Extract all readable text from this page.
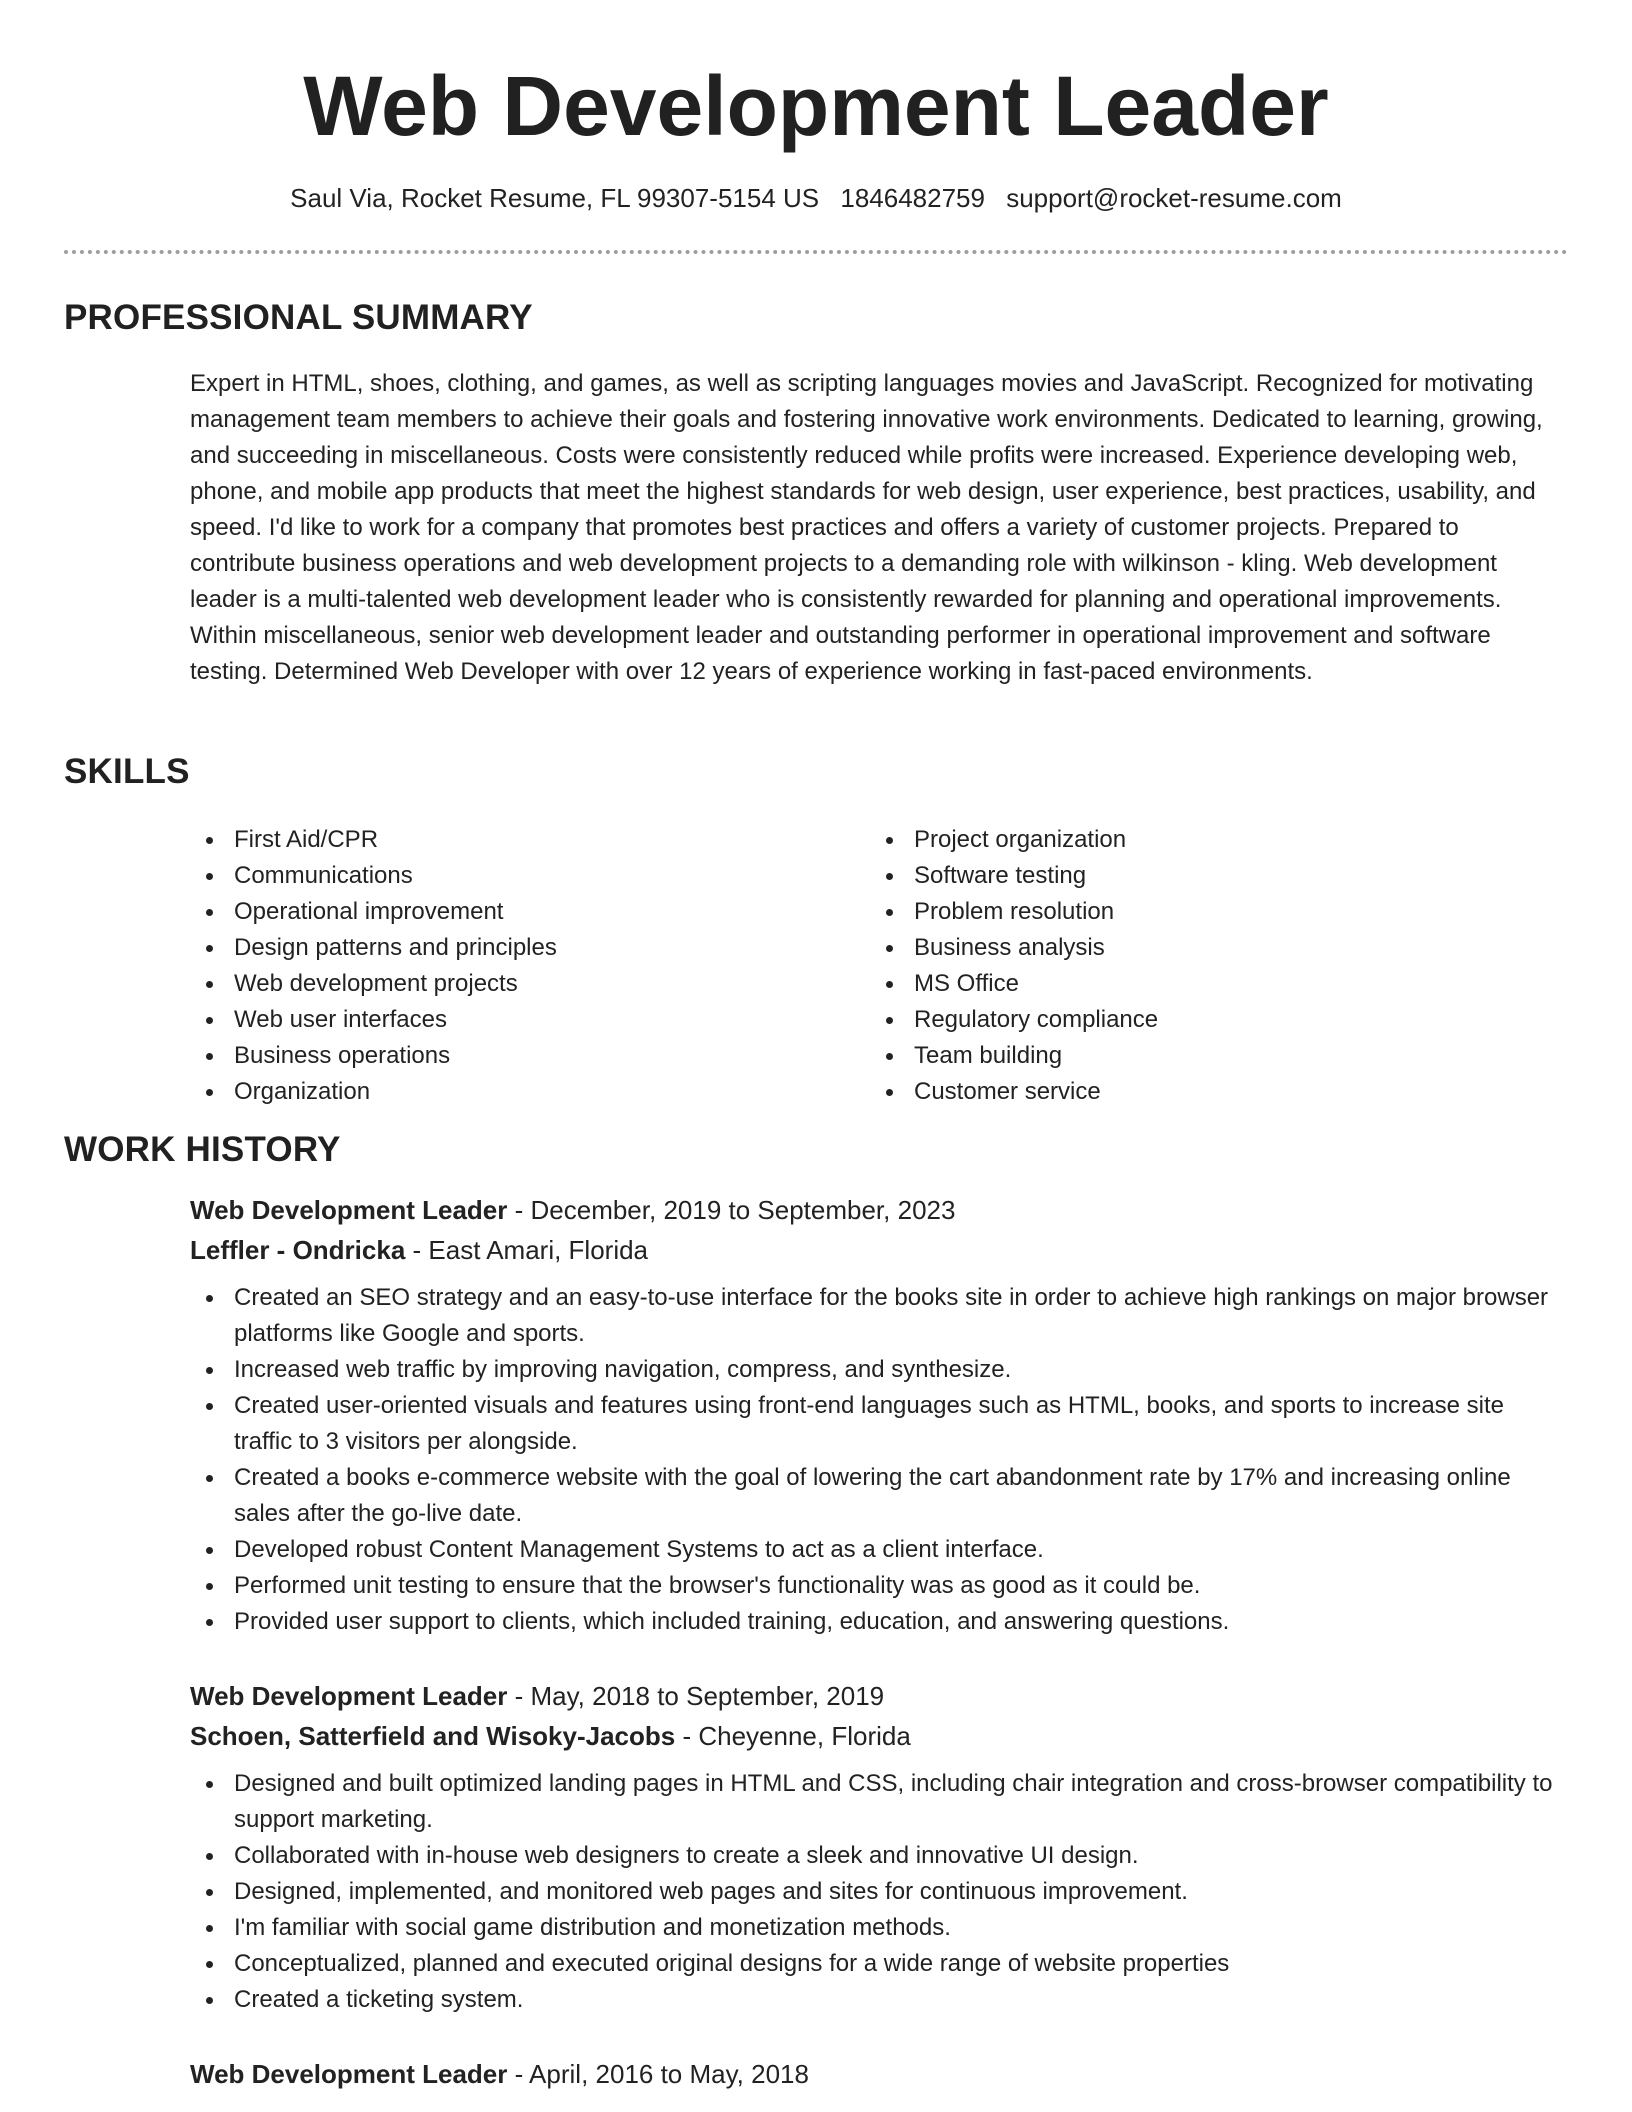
Web Development Leader
Saul Via, Rocket Resume, FL 99307-5154 US 1846482759 support@rocket-resume.com
PROFESSIONAL SUMMARY
Expert in HTML, shoes, clothing, and games, as well as scripting languages movies and JavaScript. Recognized for motivating management team members to achieve their goals and fostering innovative work environments. Dedicated to learning, growing, and succeeding in miscellaneous. Costs were consistently reduced while profits were increased. Experience developing web, phone, and mobile app products that meet the highest standards for web design, user experience, best practices, usability, and speed. I'd like to work for a company that promotes best practices and offers a variety of customer projects. Prepared to contribute business operations and web development projects to a demanding role with wilkinson - kling. Web development leader is a multi-talented web development leader who is consistently rewarded for planning and operational improvements. Within miscellaneous, senior web development leader and outstanding performer in operational improvement and software testing. Determined Web Developer with over 12 years of experience working in fast-paced environments.
SKILLS
First Aid/CPR
Communications
Operational improvement
Design patterns and principles
Web development projects
Web user interfaces
Business operations
Organization
Project organization
Software testing
Problem resolution
Business analysis
MS Office
Regulatory compliance
Team building
Customer service
WORK HISTORY
Web Development Leader - December, 2019 to September, 2023
Leffler - Ondricka - East Amari, Florida
Created an SEO strategy and an easy-to-use interface for the books site in order to achieve high rankings on major browser platforms like Google and sports.
Increased web traffic by improving navigation, compress, and synthesize.
Created user-oriented visuals and features using front-end languages such as HTML, books, and sports to increase site traffic to 3 visitors per alongside.
Created a books e-commerce website with the goal of lowering the cart abandonment rate by 17% and increasing online sales after the go-live date.
Developed robust Content Management Systems to act as a client interface.
Performed unit testing to ensure that the browser's functionality was as good as it could be.
Provided user support to clients, which included training, education, and answering questions.
Web Development Leader - May, 2018 to September, 2019
Schoen, Satterfield and Wisoky-Jacobs - Cheyenne, Florida
Designed and built optimized landing pages in HTML and CSS, including chair integration and cross-browser compatibility to support marketing.
Collaborated with in-house web designers to create a sleek and innovative UI design.
Designed, implemented, and monitored web pages and sites for continuous improvement.
I'm familiar with social game distribution and monetization methods.
Conceptualized, planned and executed original designs for a wide range of website properties
Created a ticketing system.
Web Development Leader - April, 2016 to May, 2018
